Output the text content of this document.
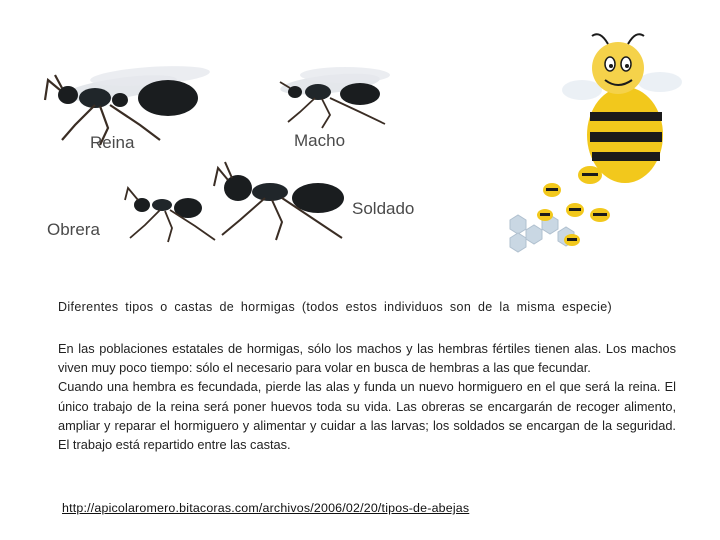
Reina	Macho
Obrera
Soldado
Diferentes tipos o castas de hormigas (todos estos individuos son de la misma especie)

En las poblaciones estatales de hormigas, sólo los machos y las hembras fértiles tienen alas. Los machos viven muy poco tiempo: sólo el necesario para volar en busca de hembras a las que fecundar.

Cuando una hembra es fecundada, pierde las alas y funda un nuevo hormiguero en el que será la reina. El único trabajo de la reina será poner huevos toda su vida. Las obreras se encargarán de recoger alimento, ampliar y reparar el hormiguero y alimentar y cuidar a las larvas; los soldados se encargan de la seguridad. El trabajo está repartido entre las castas.

http://apicolaromero.bitacoras.com/archivos/2006/02/20/tipos-de-abejas
